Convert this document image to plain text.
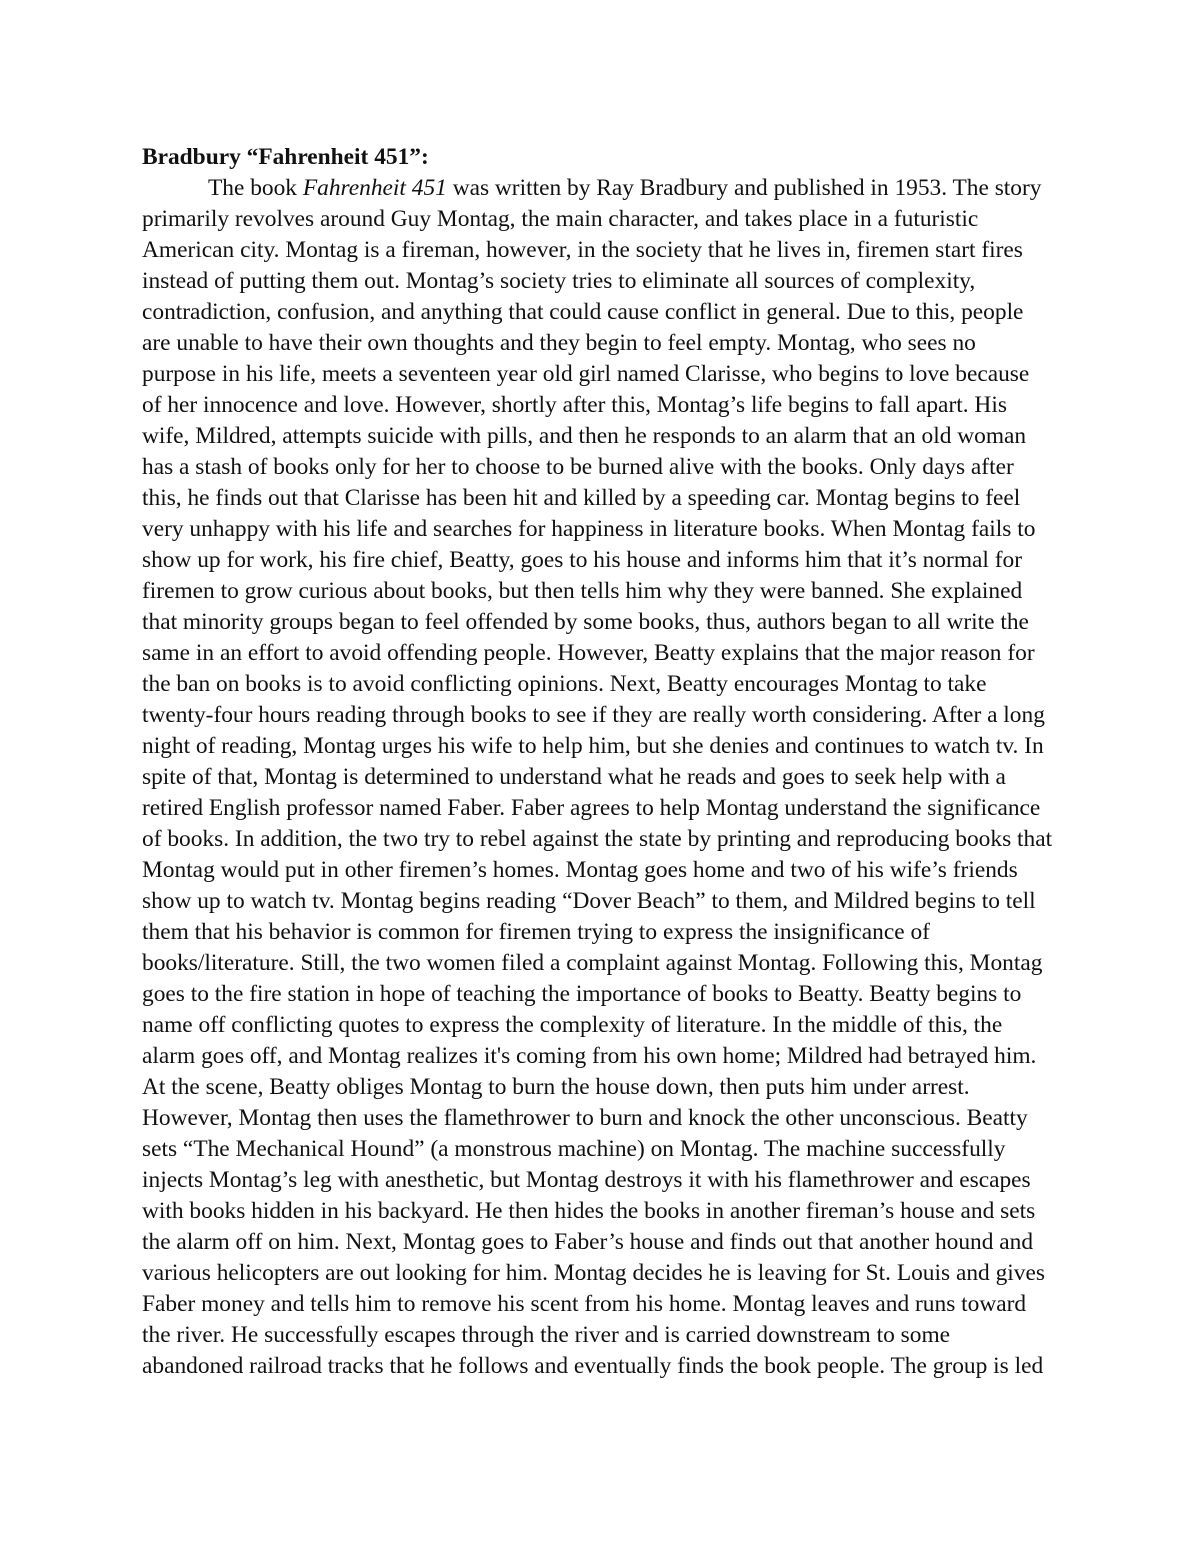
Bradbury “Fahrenheit 451”:
The book Fahrenheit 451 was written by Ray Bradbury and published in 1953. The story
primarily revolves around Guy Montag, the main character, and takes place in a futuristic
American city. Montag is a fireman, however, in the society that he lives in, firemen start fires
instead of putting them out. Montag’s society tries to eliminate all sources of complexity,
contradiction, confusion, and anything that could cause conflict in general. Due to this, people
are unable to have their own thoughts and they begin to feel empty. Montag, who sees no
purpose in his life, meets a seventeen year old girl named Clarisse, who begins to love because
of her innocence and love. However, shortly after this, Montag’s life begins to fall apart. His
wife, Mildred, attempts suicide with pills, and then he responds to an alarm that an old woman
has a stash of books only for her to choose to be burned alive with the books. Only days after
this, he finds out that Clarisse has been hit and killed by a speeding car. Montag begins to feel
very unhappy with his life and searches for happiness in literature books. When Montag fails to
show up for work, his fire chief, Beatty, goes to his house and informs him that it’s normal for
firemen to grow curious about books, but then tells him why they were banned. She explained
that minority groups began to feel offended by some books, thus, authors began to all write the
same in an effort to avoid offending people. However, Beatty explains that the major reason for
the ban on books is to avoid conflicting opinions. Next, Beatty encourages Montag to take
twenty-four hours reading through books to see if they are really worth considering. After a long
night of reading, Montag urges his wife to help him, but she denies and continues to watch tv. In
spite of that, Montag is determined to understand what he reads and goes to seek help with a
retired English professor named Faber. Faber agrees to help Montag understand the significance
of books. In addition, the two try to rebel against the state by printing and reproducing books that
Montag would put in other firemen’s homes. Montag goes home and two of his wife’s friends
show up to watch tv. Montag begins reading “Dover Beach” to them, and Mildred begins to tell
them that his behavior is common for firemen trying to express the insignificance of
books/literature. Still, the two women filed a complaint against Montag. Following this, Montag
goes to the fire station in hope of teaching the importance of books to Beatty. Beatty begins to
name off conflicting quotes to express the complexity of literature. In the middle of this, the
alarm goes off, and Montag realizes it's coming from his own home; Mildred had betrayed him.
At the scene, Beatty obliges Montag to burn the house down, then puts him under arrest.
However, Montag then uses the flamethrower to burn and knock the other unconscious. Beatty
sets “The Mechanical Hound” (a monstrous machine) on Montag. The machine successfully
injects Montag’s leg with anesthetic, but Montag destroys it with his flamethrower and escapes
with books hidden in his backyard. He then hides the books in another fireman’s house and sets
the alarm off on him. Next, Montag goes to Faber’s house and finds out that another hound and
various helicopters are out looking for him. Montag decides he is leaving for St. Louis and gives
Faber money and tells him to remove his scent from his home. Montag leaves and runs toward
the river. He successfully escapes through the river and is carried downstream to some
abandoned railroad tracks that he follows and eventually finds the book people. The group is led
